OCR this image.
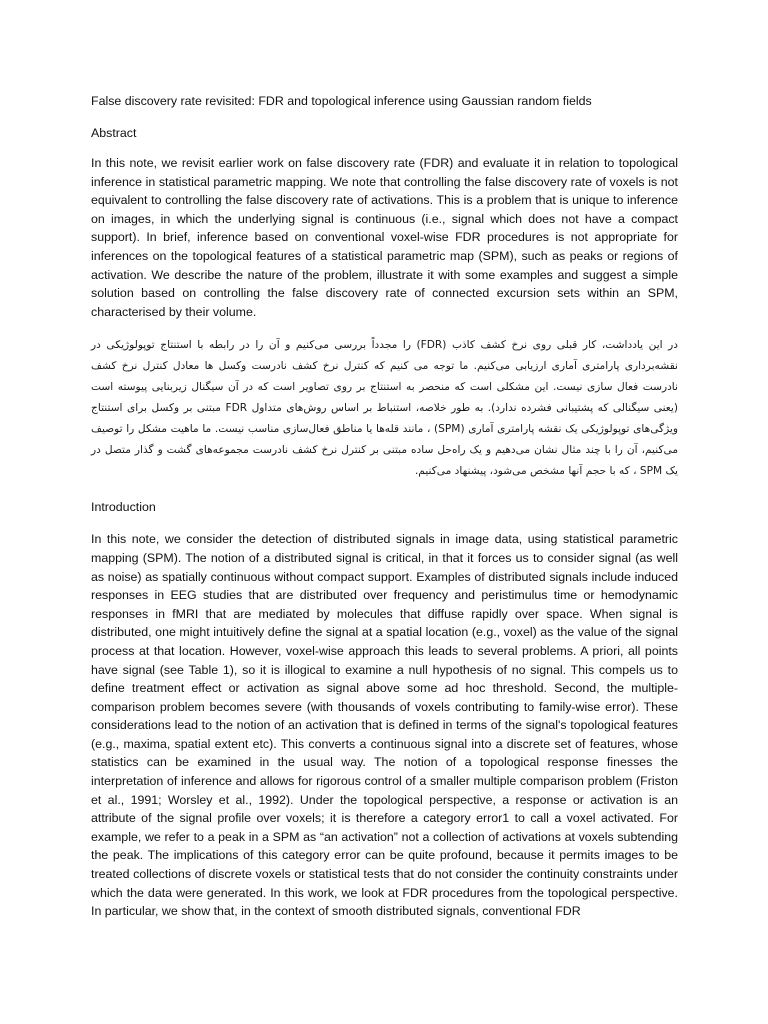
False discovery rate revisited: FDR and topological inference using Gaussian random fields
Abstract

In this note, we revisit earlier work on false discovery rate (FDR) and evaluate it in relation to topological inference in statistical parametric mapping. We note that controlling the false discovery rate of voxels is not equivalent to controlling the false discovery rate of activations. This is a problem that is unique to inference on images, in which the underlying signal is continuous (i.e., signal which does not have a compact support). In brief, inference based on conventional voxel-wise FDR procedures is not appropriate for inferences on the topological features of a statistical parametric map (SPM), such as peaks or regions of activation. We describe the nature of the problem, illustrate it with some examples and suggest a simple solution based on controlling the false discovery rate of connected excursion sets within an SPM, characterised by their volume.

در این یادداشت، کار قبلی روی نرخ کشف کاذب (FDR) را مجدداً بررسی می‌کنیم و آن را در رابطه با استنتاج توپولوژیکی در نقشه‌برداری پارامتری آماری ارزیابی می‌کنیم. ما توجه می کنیم که کنترل نرخ کشف نادرست وکسل ها معادل کنترل نرخ کشف نادرست فعال سازی نیست. این مشکلی است که منحصر به استنتاج بر روی تصاویر است که در آن سیگنال زیربنایی پیوسته است (یعنی سیگنالی که پشتیبانی فشرده ندارد). به طور خلاصه، استنباط بر اساس روش‌های متداول FDR مبتنی بر وکسل برای استنتاج ویژگی‌های توپولوژیکی یک نقشه پارامتری آماری (SPM) ، مانند قله‌ها یا مناطق فعال‌سازی مناسب نیست. ما ماهیت مشکل را توصیف می‌کنیم، آن را با چند مثال نشان می‌دهیم و یک راه‌حل ساده مبتنی بر کنترل نرخ کشف نادرست مجموعه‌های گشت و گذار متصل در یک SPM ، که با حجم آنها مشخص می‌شود، پیشنهاد می‌کنیم.

Introduction

In this note, we consider the detection of distributed signals in image data, using statistical parametric mapping (SPM). The notion of a distributed signal is critical, in that it forces us to consider signal (as well as noise) as spatially continuous without compact support. Examples of distributed signals include induced responses in EEG studies that are distributed over frequency and peristimulus time or hemodynamic responses in fMRI that are mediated by molecules that diffuse rapidly over space. When signal is distributed, one might intuitively define the signal at a spatial location (e.g., voxel) as the value of the signal process at that location. However, voxel-wise approach this leads to several problems. A priori, all points have signal (see Table 1), so it is illogical to examine a null hypothesis of no signal. This compels us to define treatment effect or activation as signal above some ad hoc threshold. Second, the multiple-comparison problem becomes severe (with thousands of voxels contributing to family-wise error). These considerations lead to the notion of an activation that is defined in terms of the signal's topological features (e.g., maxima, spatial extent etc). This converts a continuous signal into a discrete set of features, whose statistics can be examined in the usual way. The notion of a topological response finesses the interpretation of inference and allows for rigorous control of a smaller multiple comparison problem (Friston et al., 1991; Worsley et al., 1992). Under the topological perspective, a response or activation is an attribute of the signal profile over voxels; it is therefore a category error1 to call a voxel activated. For example, we refer to a peak in a SPM as “an activation” not a collection of activations at voxels subtending the peak. The implications of this category error can be quite profound, because it permits images to be treated collections of discrete voxels or statistical tests that do not consider the continuity constraints under which the data were generated. In this work, we look at FDR procedures from the topological perspective. In particular, we show that, in the context of smooth distributed signals, conventional FDR
